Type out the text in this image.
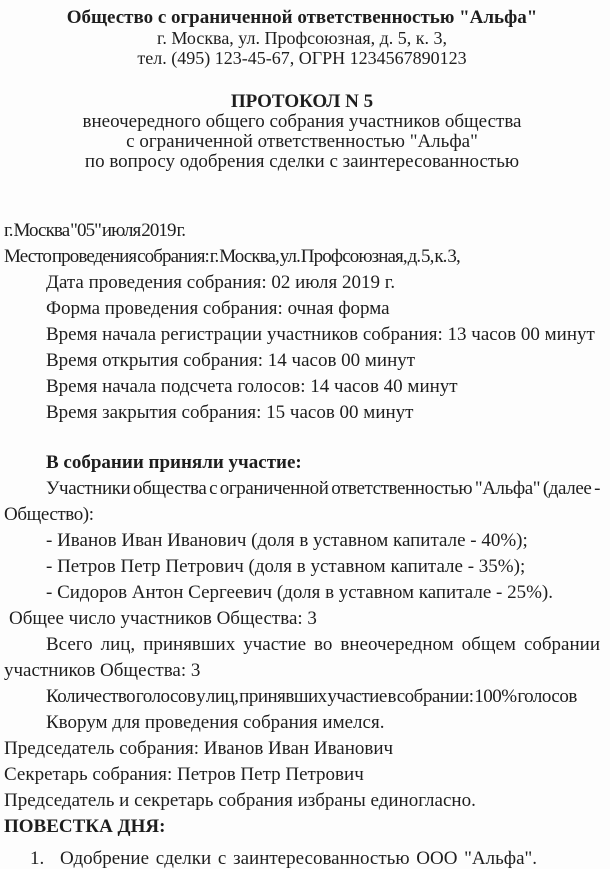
Общество с ограниченной ответственностью "Альфа"

г. Москва, ул. Профсоюзная, д. 5, к. 3,

тел. (495) 123-45-67, ОГРН 1234567890123

ПРОТОКОЛ N 5

внеочередного общего собрания участников общества

с ограниченной ответственностью "Альфа"

по вопросу одобрения сделки с заинтересованностью

г. Москва "05" июля 2019 г.

Место проведения собрания: г. Москва, ул. Профсоюзная, д. 5, к. 3,

Дата проведения собрания: 02 июля 2019 г.

Форма проведения собрания: очная форма

Время начала регистрации участников собрания: 13 часов 00 минут

Время открытия собрания: 14 часов 00 минут

Время начала подсчета голосов: 14 часов 40 минут

Время закрытия собрания: 15 часов 00 минут

В собрании приняли участие:

Участники общества с ограниченной ответственностью "Альфа" (далее - Общество):

- Иванов Иван Иванович (доля в уставном капитале - 40%);

- Петров Петр Петрович (доля в уставном капитале - 35%);

- Сидоров Антон Сергеевич (доля в уставном капитале - 25%).

Общее число участников Общества: 3

Всего лиц, принявших участие во внеочередном общем собрании участников Общества: 3

Количество голосов у лиц, принявших участие в собрании: 100% голосов

Кворум для проведения собрания имелся.

Председатель собрания: Иванов Иван Иванович

Секретарь собрания: Петров Петр Петрович

Председатель и секретарь собрания избраны единогласно.

ПОВЕСТКА ДНЯ:

1. Одобрение сделки с заинтересованностью ООО "Альфа".
